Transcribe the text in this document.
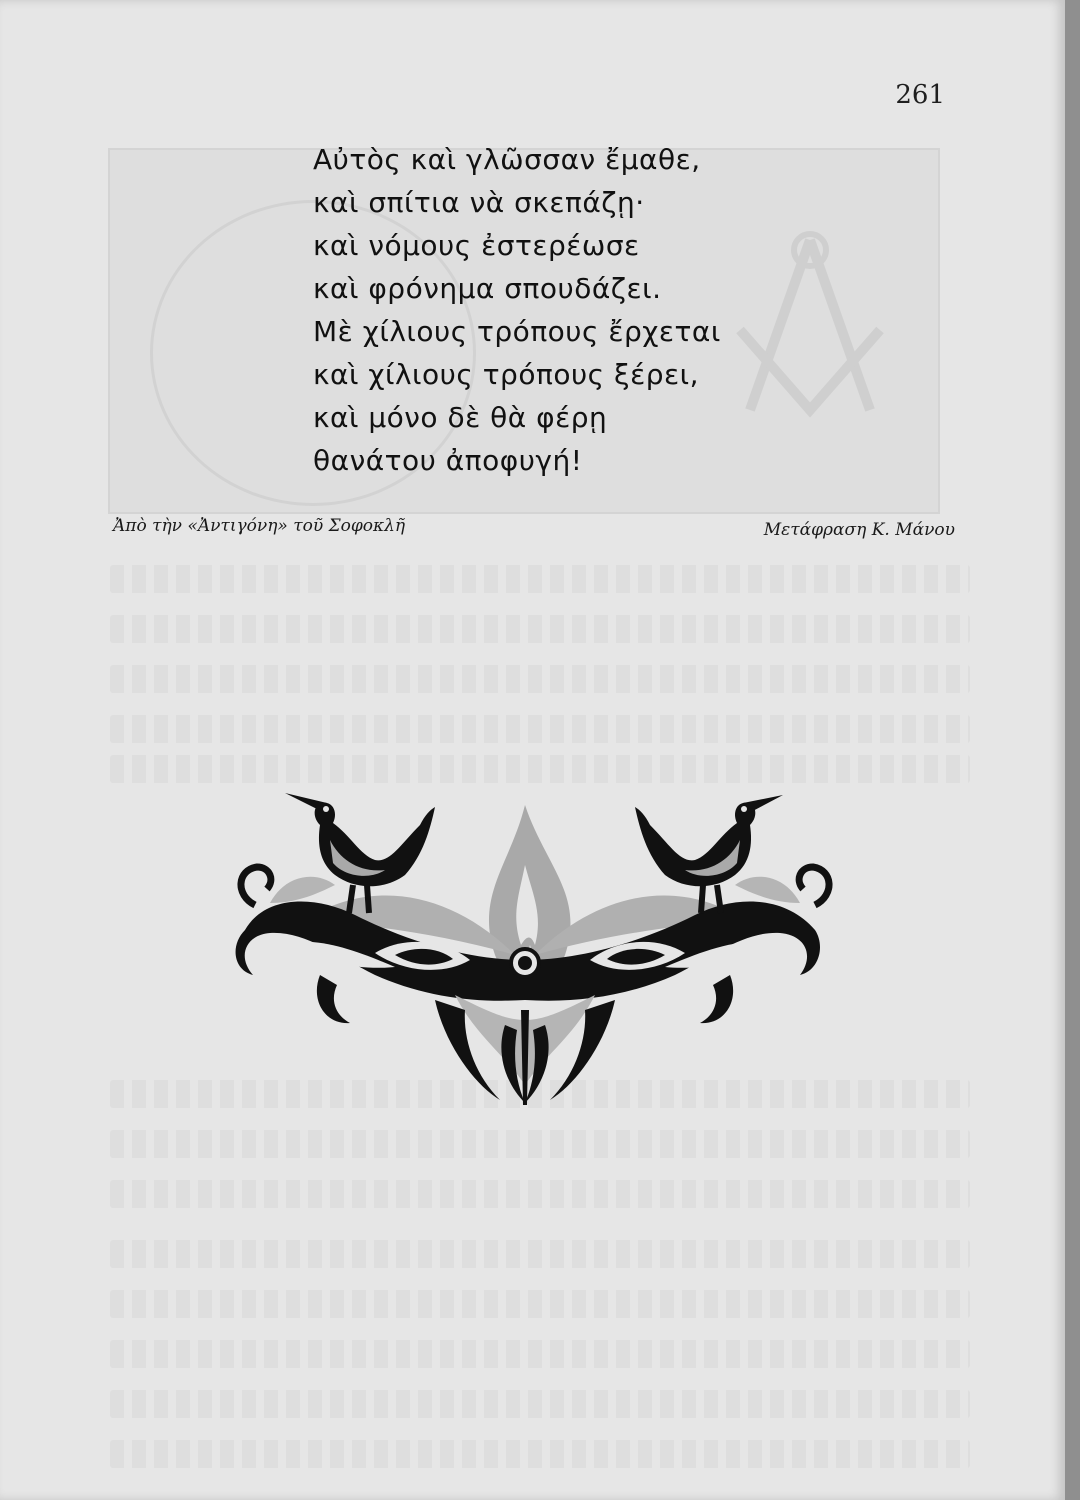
261
Αὐτὸς καὶ γλῶσσαν ἔμαθε,
καὶ σπίτια νὰ σκεπάζῃ·
καὶ νόμους ἐστερέωσε
καὶ φρόνημα σπουδάζει.
Μὲ χίλιους τρόπους ἔρχεται
καὶ χίλιους τρόπους ξέρει,
καὶ μόνο δὲ θὰ φέρῃ
θανάτου ἀποφυγή!
Ἀπὸ τὴν «Ἀντιγόνη» τοῦ Σοφοκλῆ	Μετάφραση Κ. Μάνου
